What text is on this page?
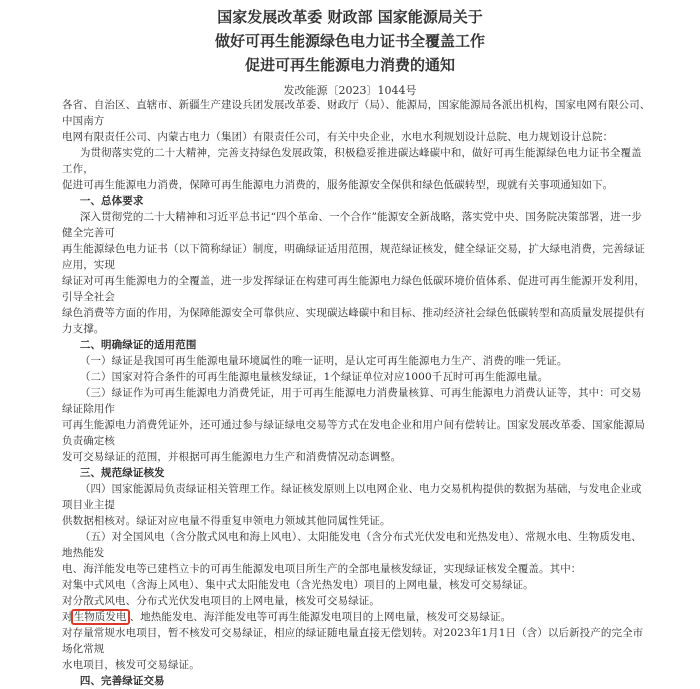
国家发展改革委 财政部 国家能源局关于
做好可再生能源绿色电力证书全覆盖工作
促进可再生能源电力消费的通知
发改能源〔2023〕1044号

各省、自治区、直辖市、新疆生产建设兵团发展改革委、财政厅（局）、能源局，国家能源局各派出机构，国家电网有限公司、中国南方

电网有限责任公司、内蒙古电力（集团）有限责任公司，有关中央企业，水电水利规划设计总院、电力规划设计总院：

为贯彻落实党的二十大精神，完善支持绿色发展政策，积极稳妥推进碳达峰碳中和，做好可再生能源绿色电力证书全覆盖工作，

促进可再生能源电力消费，保障可再生能源电力消费的，服务能源安全保供和绿色低碳转型，现就有关事项通知如下。

一、总体要求

深入贯彻党的二十大精神和习近平总书记“四个革命、一个合作”能源安全新战略，落实党中央、国务院决策部署，进一步健全完善可

再生能源绿色电力证书（以下简称绿证）制度，明确绿证适用范围，规范绿证核发，健全绿证交易，扩大绿电消费，完善绿证应用，实现

绿证对可再生能源电力的全覆盖，进一步发挥绿证在构建可再生能源电力绿色低碳环境价值体系、促进可再生能源开发利用，引导全社会

绿色消费等方面的作用，为保障能源安全可靠供应、实现碳达峰碳中和目标、推动经济社会绿色低碳转型和高质量发展提供有力支撑。

二、明确绿证的适用范围

（一）绿证是我国可再生能源电量环境属性的唯一证明，是认定可再生能源电力生产、消费的唯一凭证。

（二）国家对符合条件的可再生能源电量核发绿证，1个绿证单位对应1000千瓦时可再生能源电量。

（三）绿证作为可再生能源电力消费凭证，用于可再生能源电力消费量核算、可再生能源电力消费认证等，其中：可交易绿证除用作

可再生能源电力消费凭证外，还可通过参与绿证绿电交易等方式在发电企业和用户间有偿转让。国家发展改革委、国家能源局负责确定核

发可交易绿证的范围，并根据可再生能源电力生产和消费情况动态调整。

三、规范绿证核发

（四）国家能源局负责绿证相关管理工作。绿证核发原则上以电网企业、电力交易机构提供的数据为基础，与发电企业或项目业主提

供数据相核对。绿证对应电量不得重复申领电力领域其他同属性凭证。

（五）对全国风电（含分散式风电和海上风电）、太阳能发电（含分布式光伏发电和光热发电）、常规水电、生物质发电、地热能发

电、海洋能发电等已建档立卡的可再生能源发电项目所生产的全部电量核发绿证，实现绿证核发全覆盖。其中：

对集中式风电（含海上风电）、集中式太阳能发电（含光热发电）项目的上网电量，核发可交易绿证。

对分散式风电、分布式光伏发电项目的上网电量，核发可交易绿证。

对生物质发电 、地热能发电、海洋能发电等可再生能源发电项目的上网电量，核发可交易绿证。

对存量常规水电项目，暂不核发可交易绿证，相应的绿证随电量直接无偿划转。对2023年1月1日（含）以后新投产的完全市场化常规

水电项目，核发可交易绿证。

四、完善绿证交易
